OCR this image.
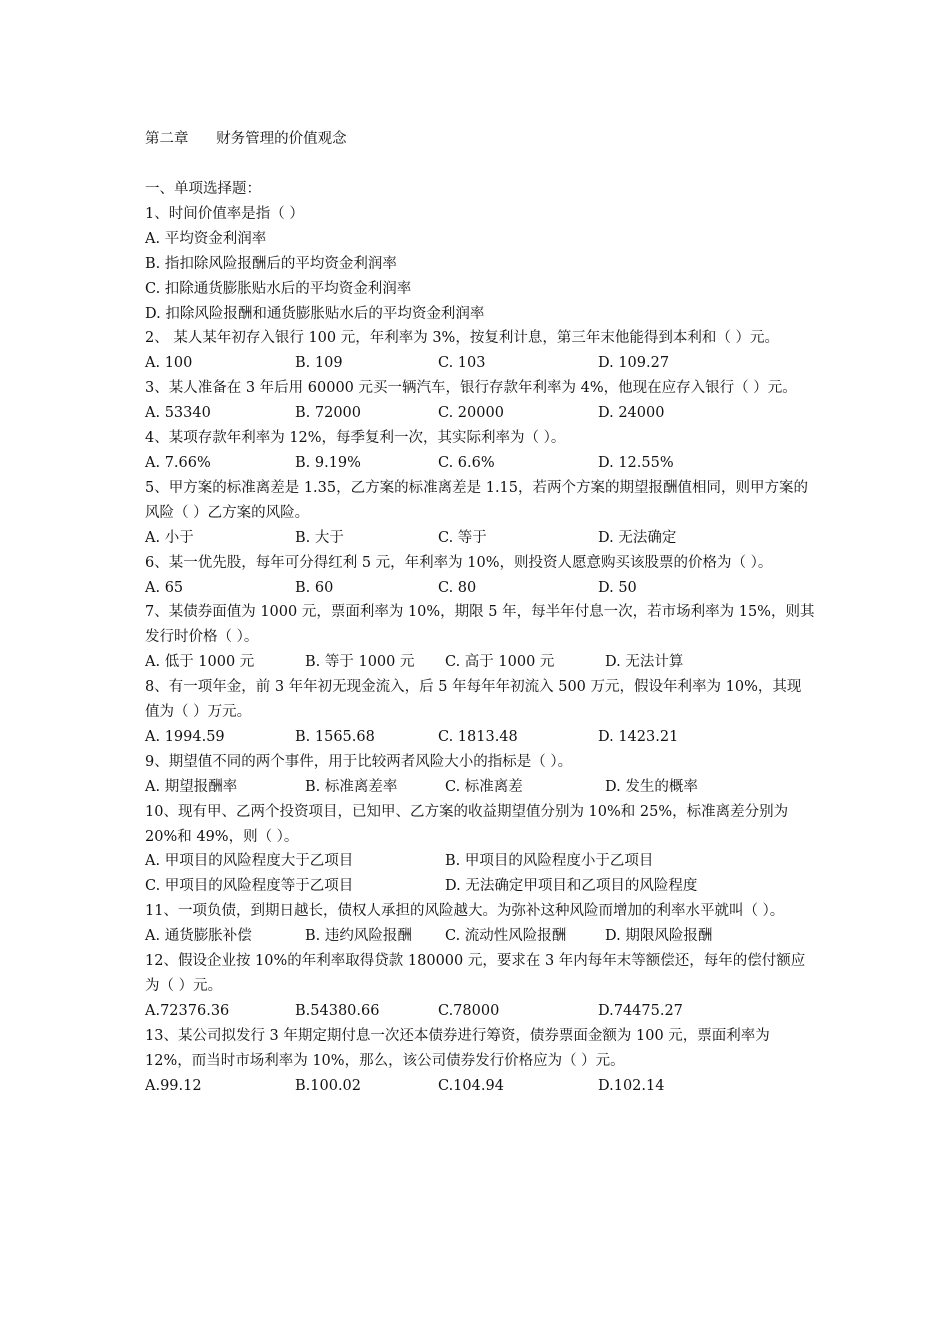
第二章      财务管理的价值观念
一、单项选择题：
1、时间价值率是指（ ）
A. 平均资金利润率
B. 指扣除风险报酬后的平均资金利润率
C. 扣除通货膨胀贴水后的平均资金利润率
D. 扣除风险报酬和通货膨胀贴水后的平均资金利润率
2、 某人某年初存入银行 100 元，年利率为 3%，按复利计息，第三年末他能得到本利和（ ）元。
A. 100	B. 109	C. 103	D. 109.27
3、某人准备在 3 年后用 60000 元买一辆汽车，银行存款年利率为 4%，他现在应存入银行（ ）元。
A. 53340	B. 72000	C. 20000	D. 24000
4、某项存款年利率为 12%，每季复利一次，其实际利率为（ ）。
A. 7.66%	B. 9.19%	C. 6.6%	D. 12.55%
5、甲方案的标准离差是 1.35，乙方案的标准离差是 1.15，若两个方案的期望报酬值相同，则甲方案的风险（ ）乙方案的风险。
A. 小于	B. 大于	C. 等于	D. 无法确定
6、某一优先股，每年可分得红利 5 元，年利率为 10%，则投资人愿意购买该股票的价格为（ ）。
A. 65	B. 60	C. 80	D. 50
7、某债券面值为 1000 元，票面利率为 10%，期限 5 年，每半年付息一次，若市场利率为 15%，则其发行时价格（ ）。
A. 低于 1000 元	B. 等于 1000 元	C. 高于 1000 元	D. 无法计算
8、有一项年金，前 3 年年初无现金流入，后 5 年每年年初流入 500 万元，假设年利率为 10%，其现值为（ ）万元。
A. 1994.59	B. 1565.68	C. 1813.48	D. 1423.21
9、期望值不同的两个事件，用于比较两者风险大小的指标是（ ）。
A. 期望报酬率	B. 标准离差率	C. 标准离差	D. 发生的概率
10、现有甲、乙两个投资项目，已知甲、乙方案的收益期望值分别为 10%和 25%，标准离差分别为 20%和 49%，则（ ）。
A. 甲项目的风险程度大于乙项目	B. 甲项目的风险程度小于乙项目
C. 甲项目的风险程度等于乙项目	D. 无法确定甲项目和乙项目的风险程度
11、一项负债，到期日越长，债权人承担的风险越大。为弥补这种风险而增加的利率水平就叫（ ）。
A. 通货膨胀补偿	B. 违约风险报酬	C. 流动性风险报酬	D. 期限风险报酬
12、假设企业按 10%的年利率取得贷款 180000 元，要求在 3 年内每年末等额偿还，每年的偿付额应为（ ）元。
A.72376.36	B.54380.66	C.78000	D.74475.27
13、某公司拟发行 3 年期定期付息一次还本债券进行筹资，债券票面金额为 100 元，票面利率为 12%，而当时市场利率为 10%，那么，该公司债券发行价格应为（ ）元。
A.99.12	B.100.02	C.104.94	D.102.14
